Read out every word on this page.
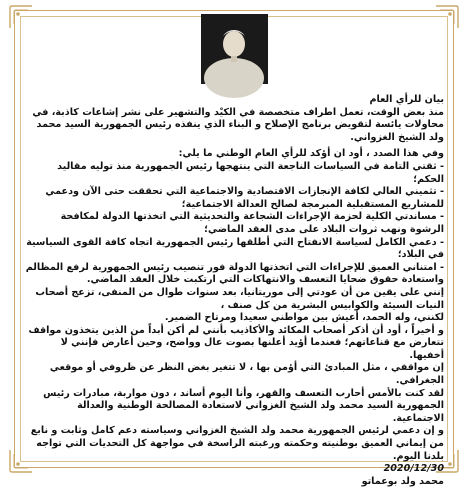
بيان للرأي العام

منذ بعض الوقت، تعمل اطراف متخصصة في الكيْد والتشهير على نشر إشاعات كاذبة، في محاولات يائسة لتقويض برنامج الإصلاح و البناء الذي ينفذه رئيس الجمهورية السيد محمد ولد الشيخ الغزواني.

وفي هذا الصدد ، أود ان أؤكد للرأي العام الوطني ما يلي:

- ثقتي التامة في السياسات الناجعة التي ينتهجها رئيس الجمهورية منذ توليه مقاليد الحكم؛

- تثميني العالي لكافة الإنجازات الاقتصادية والاجتماعية التي تحققت حتى الآن ودعمي للمشاريع المستقبلية المبرمجة لصالح العدالة الاجتماعية؛

- مساندتي الكلية لحزمة الإجراءات الشجاعة والتحديثية التي اتخذتها الدولة لمكافحة الرشوة ونهب ثروات البلاد على مدى العقد الماضي؛

- دعمي الكامل لسياسة الانفتاح التي أطلقها رئيس الجمهورية اتجاه كافة القوى السياسية في البلاد؛

- امتناني العميق للإجراءات التي اتخذتها الدولة فور تنصيب رئيس الجمهورية لرفع المظالم واستعادة حقوق ضحايا التعسف والانتهاكات التي ارتكبت خلال العقد الماضي.

إنني على يقين من أن عودتي إلى موريتانيا، بعد سنوات طوال من المنفى، تزعج أصحاب النيات السيئة والكوابيس البشرية من كل صنف ،

لكنني، وله الحمد، أعيش بين مواطني سعيدا ومرتاح الضمير.

و أخيراً ، أود أن أذكر أصحاب المكائد والأكاذيب بأنني لم أكن أبداً من الذين يتخذون مواقف تتعارض مع قناعاتهم؛ فعندما أؤيد أعلنها بصوت عال وواضح، وحين أعارض فإنني لا أخفيها.

إن مواقفي ، مثل المبادئ التي أؤمن بها ، لا تتغير بغض النظر عن ظروفي أو موقعي الجغرافي.

لقد كنت بالأمس أحارب التعسف والقهر، وأنا اليوم أساند ، دون مواربة، مبادرات رئيس الجمهورية السيد محمد ولد الشيخ الغزواني لاستعادة المصالحة الوطنية والعدالة الاجتماعية.

و إن دعمي لرئيس الجمهورية محمد ولد الشيخ الغزواني وسياسته دعم كامل وثابت و نابع من إيماني العميق بوطنيته وحكمته ورغبته الراسخة في مواجهة كل التحديات التي تواجه بلدنا اليوم.

2020/12/30

محمد ولد بوعماتو
